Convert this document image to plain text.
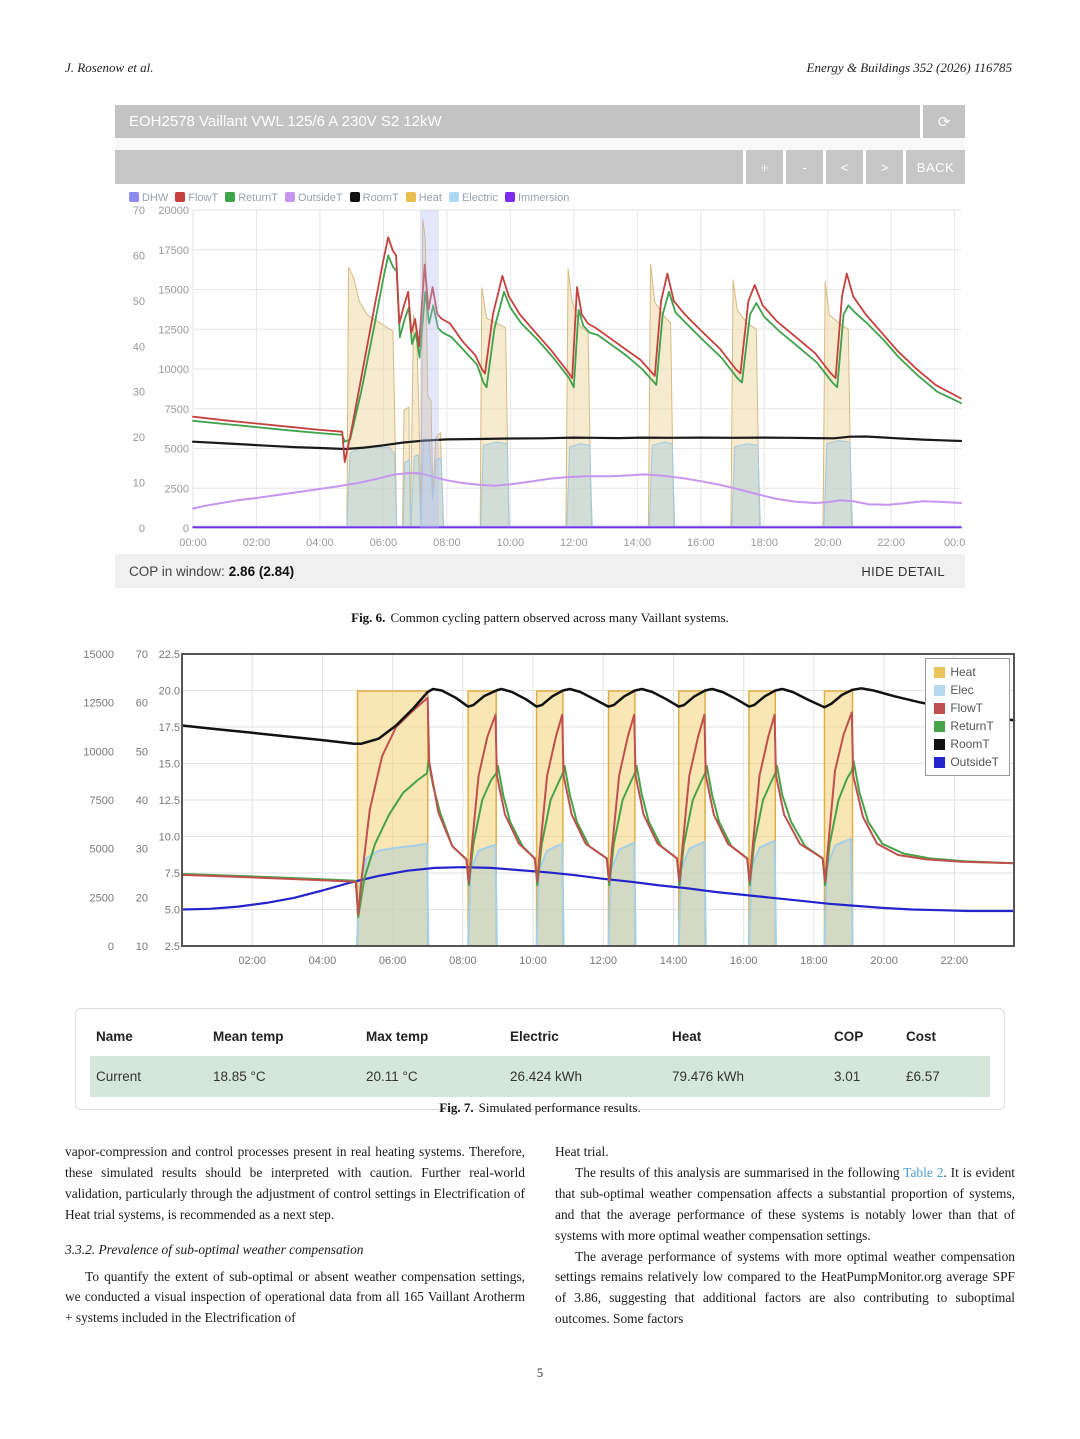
J. Rosenow et al.	Energy & Buildings 352 (2026) 116785
EOH2578 Vaillant VWL 125/6 A 230V S2 12kW	⟳
+	-	<	>	BACK
DHW FlowT ReturnT OutsideT RoomT Heat Electric Immersion
0
10
20
30
40
50
60
70
0
2500
5000
7500
10000
12500
15000
17500
20000
00:00	02:00	04:00	06:00	08:00	10:00	12:00	14:00	16:00	18:00	20:00	22:00	00:0
COP in window: 2.86 (2.84)	HIDE DETAIL

Fig. 6. Common cycling pattern observed across many Vaillant systems.

0
2500
5000
7500
10000
12500
15000
10
20
30
40
50
60
70
2.5
5.0
7.5
10.0
12.5
15.0
17.5
20.0
22.5
02:00	04:00	06:00	08:00	10:00	12:00	14:00	16:00	18:00	20:00	22:00
Heat
Elec
FlowT
ReturnT
RoomT
OutsideT
Name	Mean temp	Max temp	Electric	Heat	COP	Cost
Current	18.85 °C	20.11 °C	26.424 kWh	79.476 kWh	3.01	£6.57

Fig. 7. Simulated performance results.

vapor-compression and control processes present in real heating systems. Therefore, these simulated results should be interpreted with caution. Further real-world validation, particularly through the adjustment of control settings in Electrification of Heat trial systems, is recommended as a next step.

3.3.2. Prevalence of sub-optimal weather compensation

To quantify the extent of sub-optimal or absent weather compensation settings, we conducted a visual inspection of operational data from all 165 Vaillant Arotherm + systems included in the Electrification of

Heat trial.

The results of this analysis are summarised in the following Table 2. It is evident that sub-optimal weather compensation affects a substantial proportion of systems, and that the average performance of these systems is notably lower than that of systems with more optimal weather compensation settings.

The average performance of systems with more optimal weather compensation settings remains relatively low compared to the HeatPumpMonitor.org average SPF of 3.86, suggesting that additional factors are also contributing to suboptimal outcomes. Some factors

5
